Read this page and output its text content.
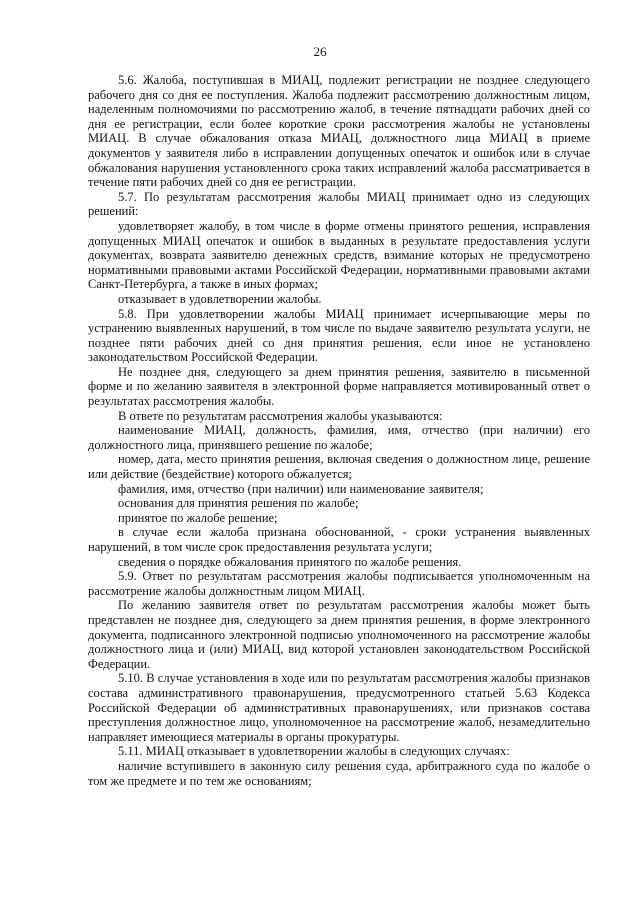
26

5.6. Жалоба, поступившая в МИАЦ, подлежит регистрации не позднее следующего рабочего дня со дня ее поступления. Жалоба подлежит рассмотрению должностным лицом, наделенным полномочиями по рассмотрению жалоб, в течение пятнадцати рабочих дней со дня ее регистрации, если более короткие сроки рассмотрения жалобы не установлены МИАЦ. В случае обжалования отказа МИАЦ, должностного лица МИАЦ в приеме документов у заявителя либо в исправлении допущенных опечаток и ошибок или в случае обжалования нарушения установленного срока таких исправлений жалоба рассматривается в течение пяти рабочих дней со дня ее регистрации.

5.7. По результатам рассмотрения жалобы МИАЦ принимает одно из следующих решений:

удовлетворяет жалобу, в том числе в форме отмены принятого решения, исправления допущенных МИАЦ опечаток и ошибок в выданных в результате предоставления услуги документах, возврата заявителю денежных средств, взимание которых не предусмотрено нормативными правовыми актами Российской Федерации, нормативными правовыми актами Санкт-Петербурга, а также в иных формах;

отказывает в удовлетворении жалобы.

5.8. При удовлетворении жалобы МИАЦ принимает исчерпывающие меры по устранению выявленных нарушений, в том числе по выдаче заявителю результата услуги, не позднее пяти рабочих дней со дня принятия решения, если иное не установлено законодательством Российской Федерации.

Не позднее дня, следующего за днем принятия решения, заявителю в письменной форме и по желанию заявителя в электронной форме направляется мотивированный ответ о результатах рассмотрения жалобы.

В ответе по результатам рассмотрения жалобы указываются:

наименование МИАЦ, должность, фамилия, имя, отчество (при наличии) его должностного лица, принявшего решение по жалобе;

номер, дата, место принятия решения, включая сведения о должностном лице, решение или действие (бездействие) которого обжалуется;

фамилия, имя, отчество (при наличии) или наименование заявителя;

основания для принятия решения по жалобе;

принятое по жалобе решение;

в случае если жалоба признана обоснованной, - сроки устранения выявленных нарушений, в том числе срок предоставления результата услуги;

сведения о порядке обжалования принятого по жалобе решения.

5.9. Ответ по результатам рассмотрения жалобы подписывается уполномоченным на рассмотрение жалобы должностным лицом МИАЦ.

По желанию заявителя ответ по результатам рассмотрения жалобы может быть представлен не позднее дня, следующего за днем принятия решения, в форме электронного документа, подписанного электронной подписью уполномоченного на рассмотрение жалобы должностного лица и (или) МИАЦ, вид которой установлен законодательством Российской Федерации.

5.10. В случае установления в ходе или по результатам рассмотрения жалобы признаков состава административного правонарушения, предусмотренного статьей 5.63 Кодекса Российской Федерации об административных правонарушениях, или признаков состава преступления должностное лицо, уполномоченное на рассмотрение жалоб, незамедлительно направляет имеющиеся материалы в органы прокуратуры.

5.11. МИАЦ отказывает в удовлетворении жалобы в следующих случаях:

наличие вступившего в законную силу решения суда, арбитражного суда по жалобе о том же предмете и по тем же основаниям;
